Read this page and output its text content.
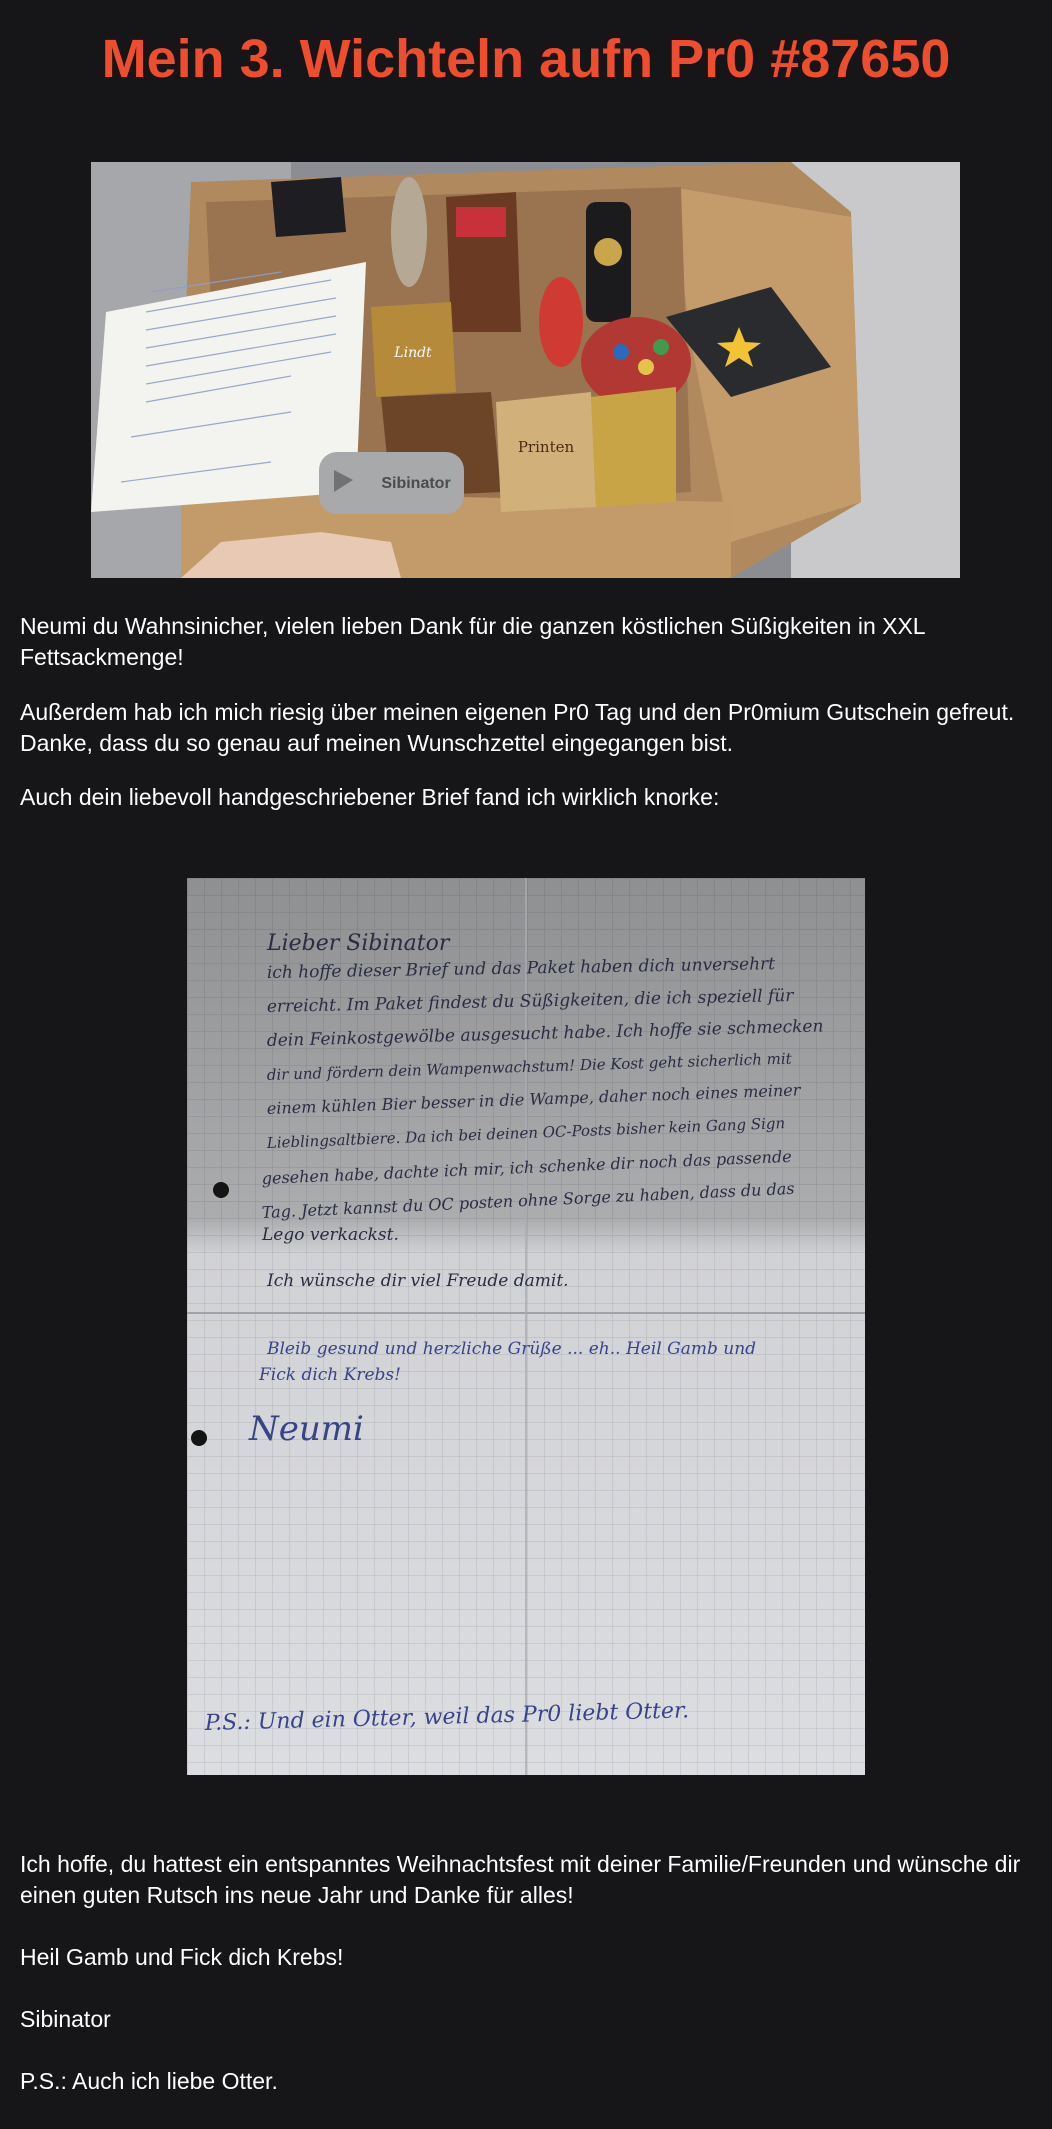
Mein 3. Wichteln aufn Pr0 #87650
Lindt
Printen
Sibinator

Neumi du Wahnsinicher, vielen lieben Dank für die ganzen köstlichen Süßigkeiten in XXL Fettsackmenge!

Außerdem hab ich mich riesig über meinen eigenen Pr0 Tag und den Pr0mium Gutschein gefreut. Danke, dass du so genau auf meinen Wunschzettel eingegangen bist.

Auch dein liebevoll handgeschriebener Brief fand ich wirklich knorke:

Lieber Sibinator
ich hoffe dieser Brief und das Paket haben dich unversehrt
erreicht. Im Paket findest du Süßigkeiten, die ich speziell für
dein Feinkostgewölbe ausgesucht habe. Ich hoffe sie schmecken
dir und fördern dein Wampenwachstum! Die Kost geht sicherlich mit
einem kühlen Bier besser in die Wampe, daher noch eines meiner
Lieblingsaltbiere. Da ich bei deinen OC-Posts bisher kein Gang Sign
gesehen habe, dachte ich mir, ich schenke dir noch das passende
Tag. Jetzt kannst du OC posten ohne Sorge zu haben, dass du das
Lego verkackst.
Ich wünsche dir viel Freude damit.
Bleib gesund und herzliche Grüße ... eh.. Heil Gamb und
Fick dich Krebs!
Neumi
P.S.: Und ein Otter, weil das Pr0 liebt Otter.

Ich hoffe, du hattest ein entspanntes Weihnachtsfest mit deiner Familie/Freunden und wünsche dir einen guten Rutsch ins neue Jahr und Danke für alles!

Heil Gamb und Fick dich Krebs!

Sibinator

P.S.: Auch ich liebe Otter.
